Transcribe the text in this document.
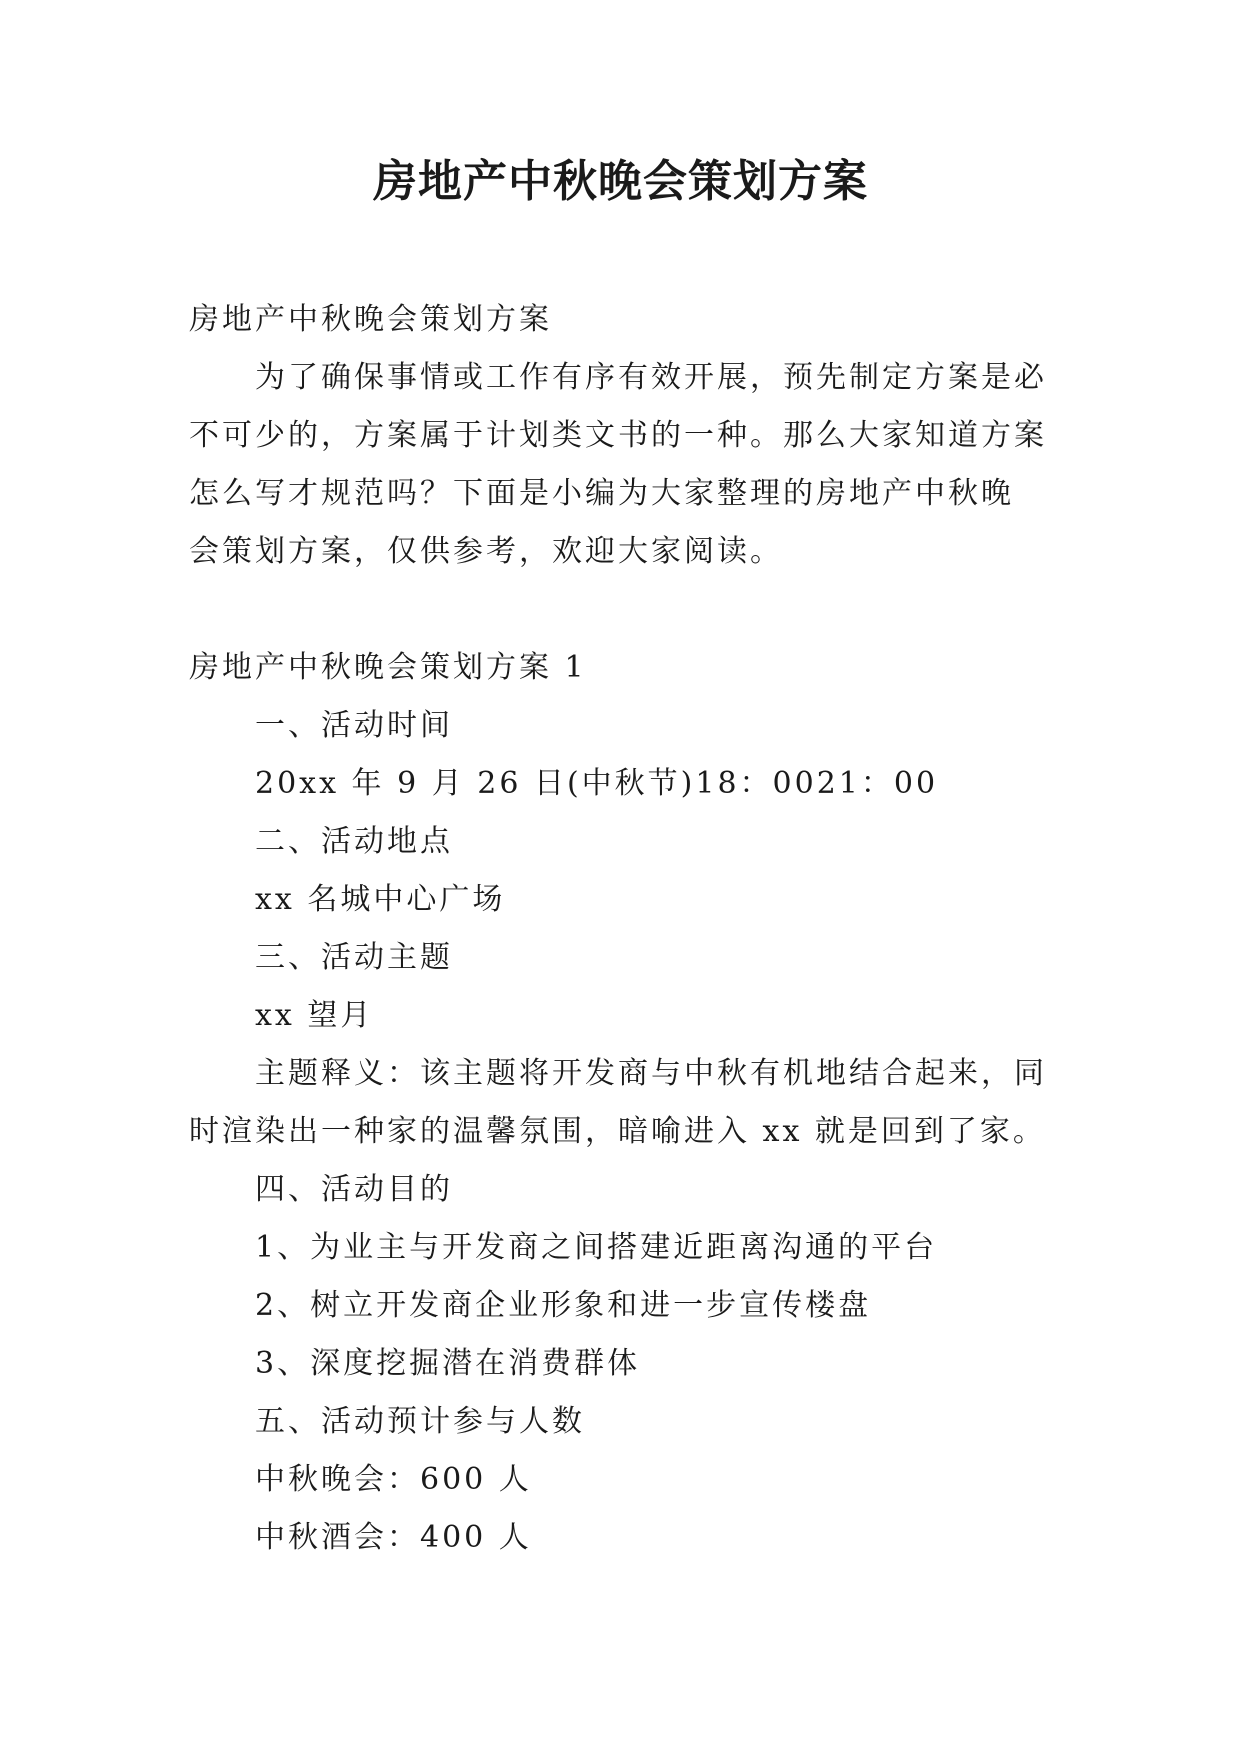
房地产中秋晚会策划方案

房地产中秋晚会策划方案

为了确保事情或工作有序有效开展，预先制定方案是必

不可少的，方案属于计划类文书的一种。那么大家知道方案

怎么写才规范吗？下面是小编为大家整理的房地产中秋晚

会策划方案，仅供参考，欢迎大家阅读。

房地产中秋晚会策划方案 1

一、活动时间

20xx 年 9 月 26 日(中秋节)18：0021：00

二、活动地点

xx 名城中心广场

三、活动主题

xx 望月

主题释义：该主题将开发商与中秋有机地结合起来，同

时渲染出一种家的温馨氛围，暗喻进入 xx 就是回到了家。

四、活动目的

1、为业主与开发商之间搭建近距离沟通的平台

2、树立开发商企业形象和进一步宣传楼盘

3、深度挖掘潜在消费群体

五、活动预计参与人数

中秋晚会：600 人

中秋酒会：400 人
